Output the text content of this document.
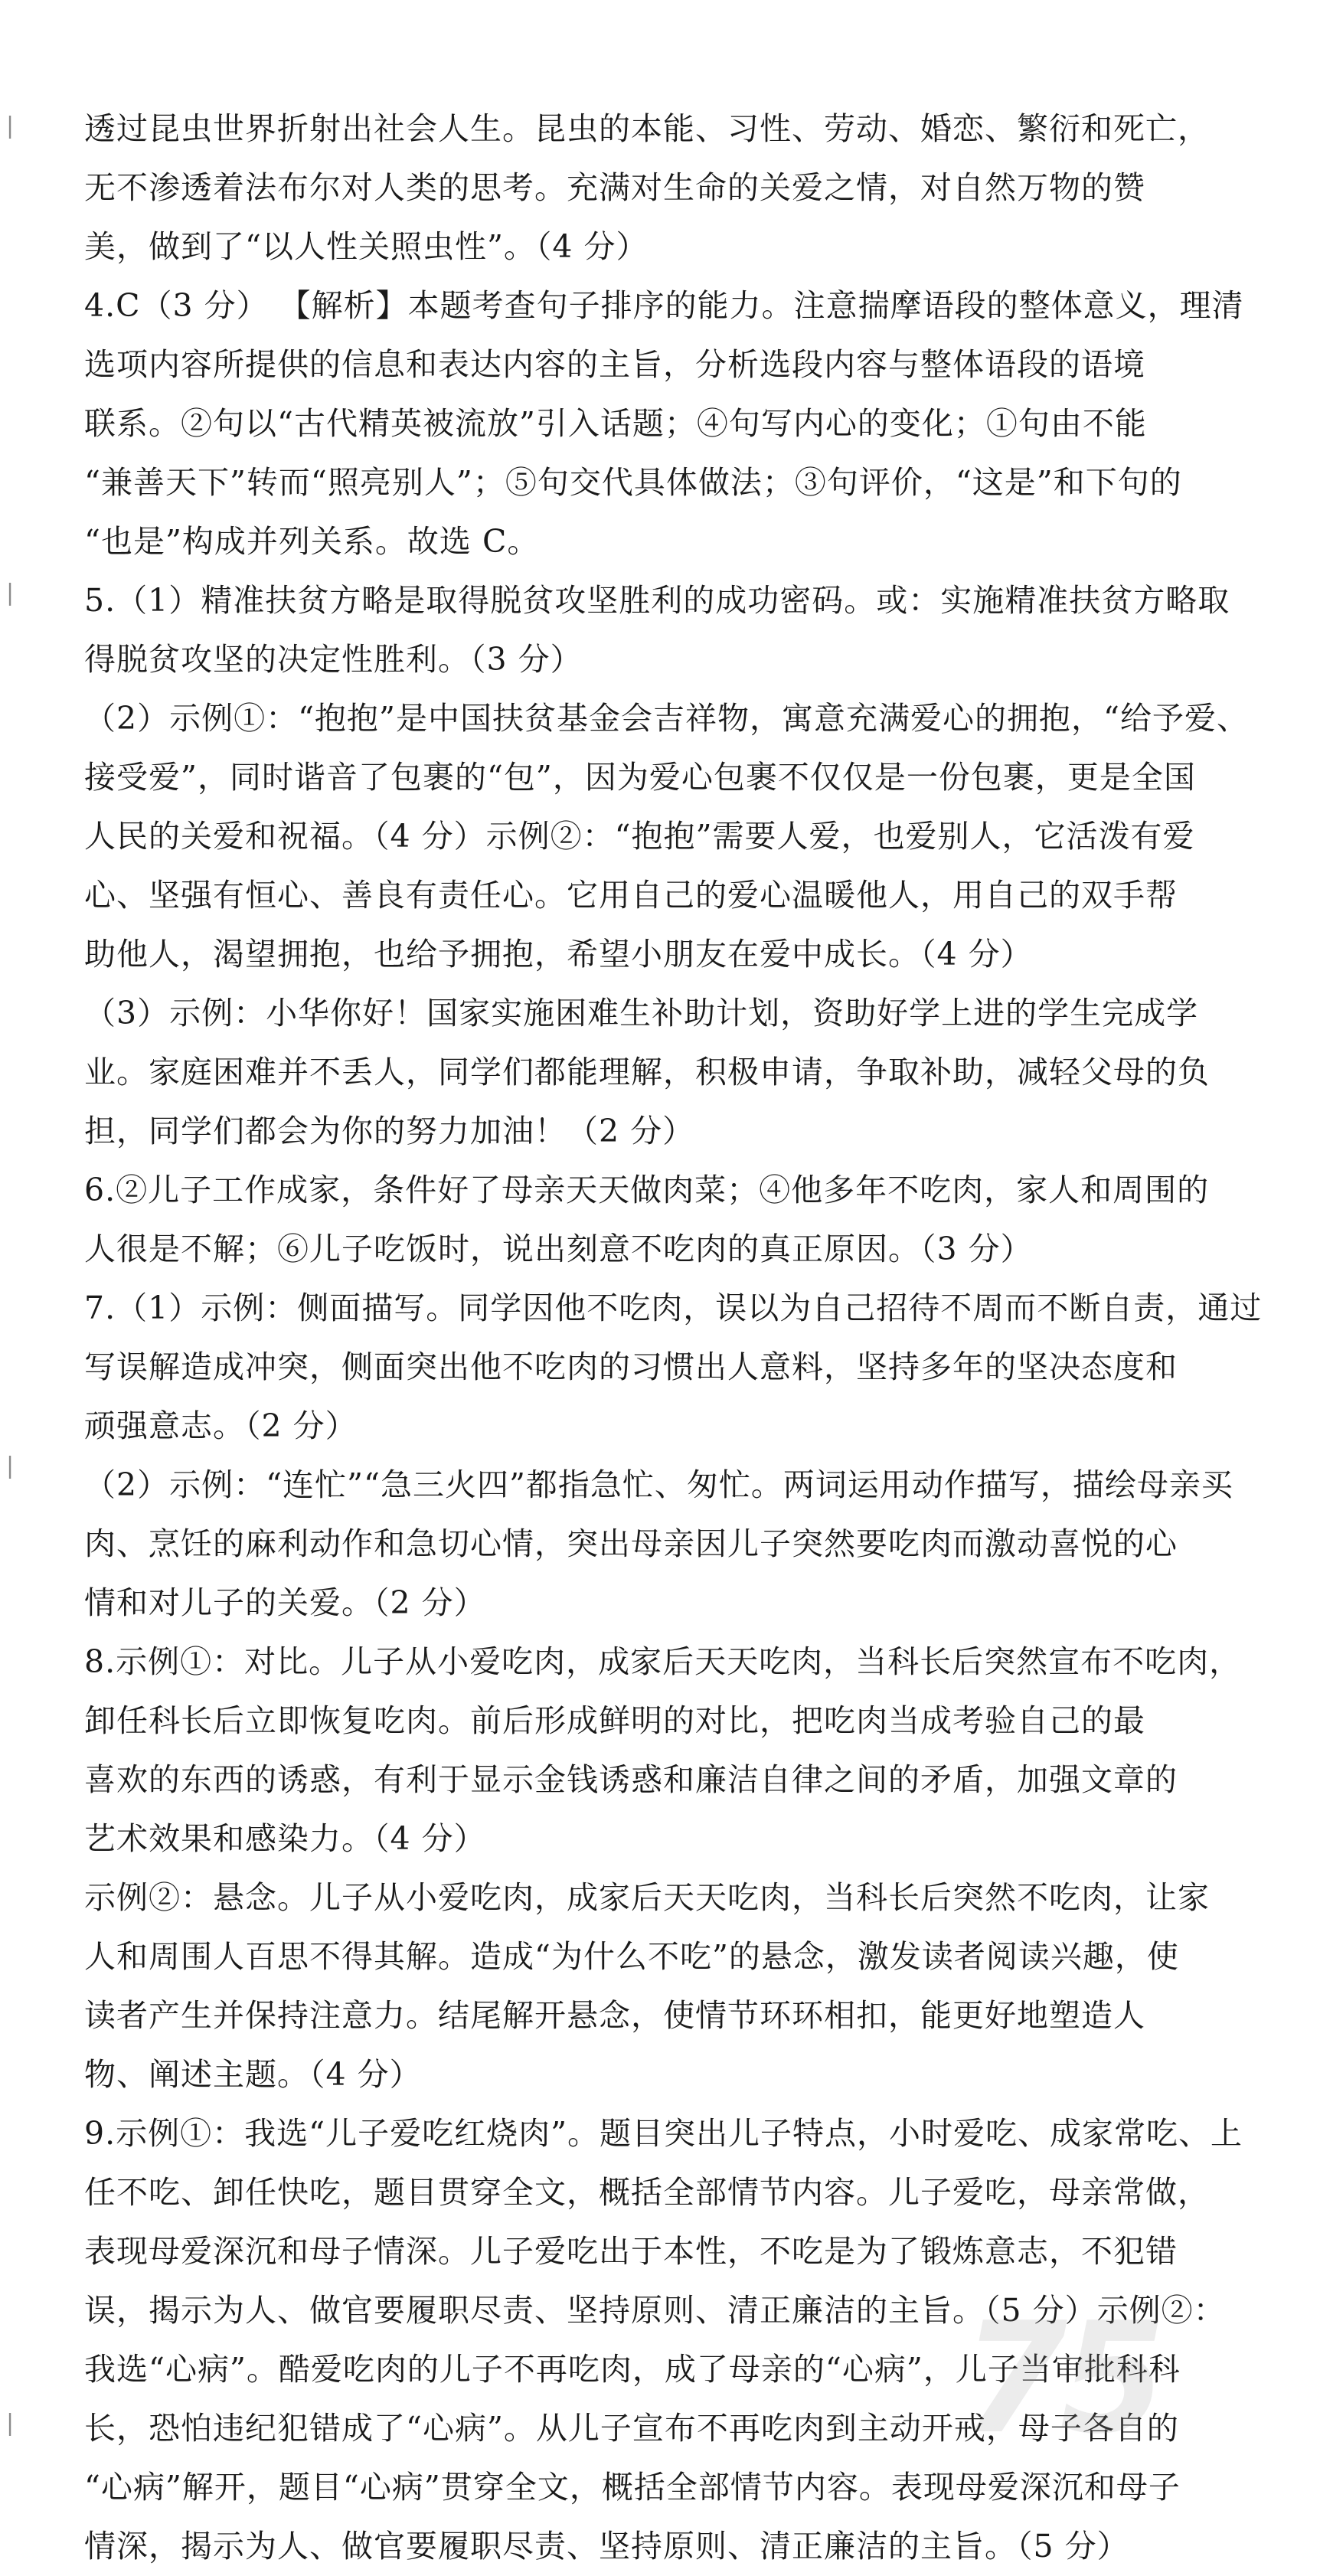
|
|
|
|
透过昆虫世界折射出社会人生。昆虫的本能、习性、劳动、婚恋、繁衍和死亡，
无不渗透着法布尔对人类的思考。充满对生命的关爱之情，对自然万物的赞
美，做到了“以人性关照虫性”。（4 分）
4.C（3 分） 【解析】本题考查句子排序的能力。注意揣摩语段的整体意义，理清
选项内容所提供的信息和表达内容的主旨，分析选段内容与整体语段的语境
联系。②句以“古代精英被流放”引入话题；④句写内心的变化；①句由不能
“兼善天下”转而“照亮别人”；⑤句交代具体做法；③句评价，“这是”和下句的
“也是”构成并列关系。故选 C。
5.（1）精准扶贫方略是取得脱贫攻坚胜利的成功密码。或：实施精准扶贫方略取
得脱贫攻坚的决定性胜利。（3 分）
（2）示例①：“抱抱”是中国扶贫基金会吉祥物，寓意充满爱心的拥抱，“给予爱、
接受爱”，同时谐音了包裹的“包”，因为爱心包裹不仅仅是一份包裹，更是全国
人民的关爱和祝福。（4 分）示例②：“抱抱”需要人爱，也爱别人，它活泼有爱
心、坚强有恒心、善良有责任心。它用自己的爱心温暖他人，用自己的双手帮
助他人，渴望拥抱，也给予拥抱，希望小朋友在爱中成长。（4 分）
（3）示例：小华你好！国家实施困难生补助计划，资助好学上进的学生完成学
业。家庭困难并不丢人，同学们都能理解，积极申请，争取补助，减轻父母的负
担，同学们都会为你的努力加油！（2 分）
6.②儿子工作成家，条件好了母亲天天做肉菜；④他多年不吃肉，家人和周围的
人很是不解；⑥儿子吃饭时，说出刻意不吃肉的真正原因。（3 分）
7.（1）示例：侧面描写。同学因他不吃肉，误以为自己招待不周而不断自责，通过
写误解造成冲突，侧面突出他不吃肉的习惯出人意料，坚持多年的坚决态度和
顽强意志。（2 分）
（2）示例：“连忙”“急三火四”都指急忙、匆忙。两词运用动作描写，描绘母亲买
肉、烹饪的麻利动作和急切心情，突出母亲因儿子突然要吃肉而激动喜悦的心
情和对儿子的关爱。（2 分）
8.示例①：对比。儿子从小爱吃肉，成家后天天吃肉，当科长后突然宣布不吃肉，
卸任科长后立即恢复吃肉。前后形成鲜明的对比，把吃肉当成考验自己的最
喜欢的东西的诱惑，有利于显示金钱诱惑和廉洁自律之间的矛盾，加强文章的
艺术效果和感染力。（4 分）
示例②：悬念。儿子从小爱吃肉，成家后天天吃肉，当科长后突然不吃肉，让家
人和周围人百思不得其解。造成“为什么不吃”的悬念，激发读者阅读兴趣，使
读者产生并保持注意力。结尾解开悬念，使情节环环相扣，能更好地塑造人
物、阐述主题。（4 分）
9.示例①：我选“儿子爱吃红烧肉”。题目突出儿子特点，小时爱吃、成家常吃、上
任不吃、卸任快吃，题目贯穿全文，概括全部情节内容。儿子爱吃，母亲常做，
表现母爱深沉和母子情深。儿子爱吃出于本性，不吃是为了锻炼意志，不犯错
误，揭示为人、做官要履职尽责、坚持原则、清正廉洁的主旨。（5 分）示例②：
我选“心病”。酷爱吃肉的儿子不再吃肉，成了母亲的“心病”，儿子当审批科科
长，恐怕违纪犯错成了“心病”。从儿子宣布不再吃肉到主动开戒，母子各自的
“心病”解开，题目“心病”贯穿全文，概括全部情节内容。表现母爱深沉和母子
情深，揭示为人、做官要履职尽责、坚持原则、清正廉洁的主旨。（5 分）
75
